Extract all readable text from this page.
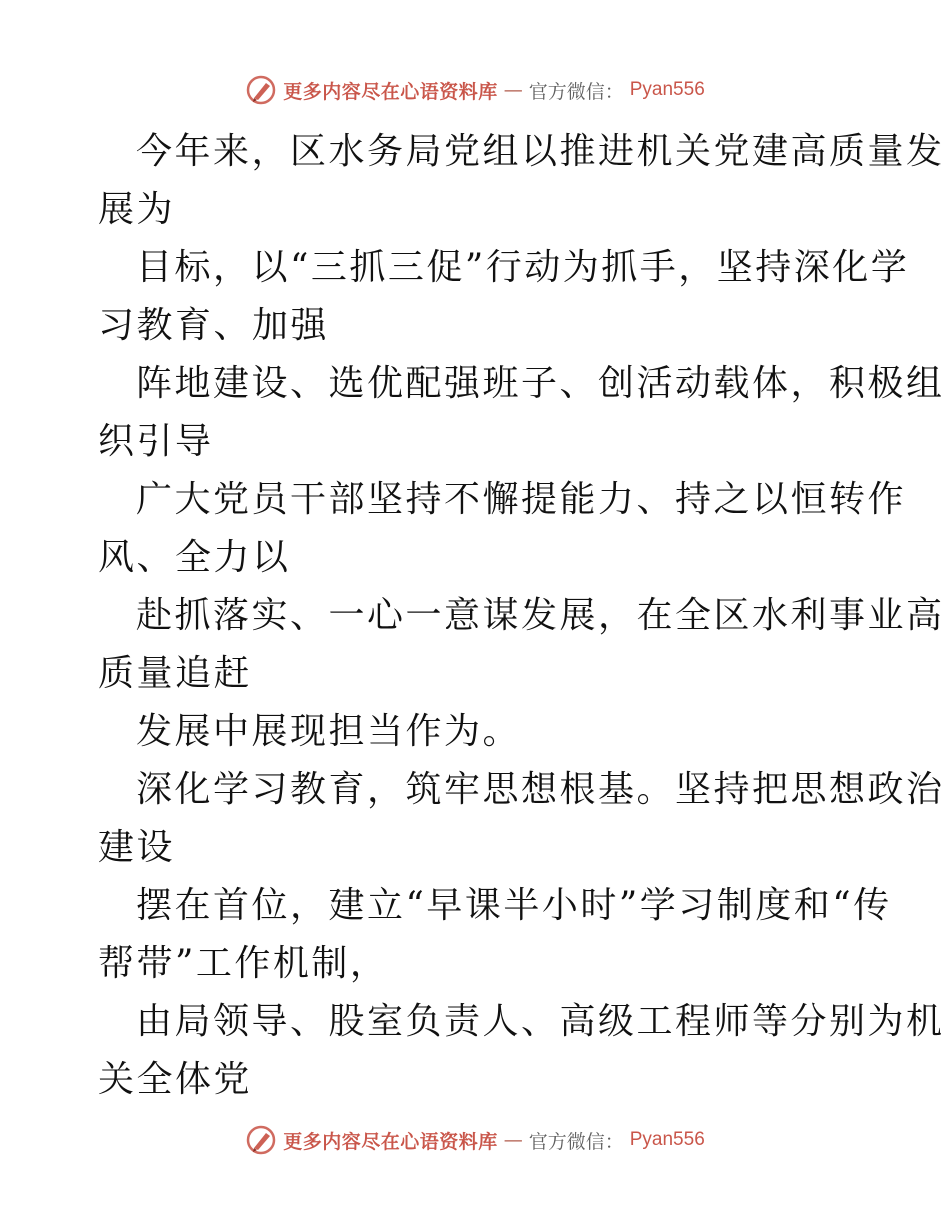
更多内容尽在心语资料库 — 官方微信： Pyan556

今年来，区水务局党组以推进机关党建高质量发

展为

目标，以“三抓三促”行动为抓手，坚持深化学

习教育、加强

阵地建设、选优配强班子、创活动载体，积极组

织引导

广大党员干部坚持不懈提能力、持之以恒转作

风、全力以

赴抓落实、一心一意谋发展，在全区水利事业高

质量追赶

发展中展现担当作为。

深化学习教育，筑牢思想根基。坚持把思想政治

建设

摆在首位，建立“早课半小时”学习制度和“传

帮带”工作机制，

由局领导、股室负责人、高级工程师等分别为机

关全体党

更多内容尽在心语资料库 — 官方微信： Pyan556
